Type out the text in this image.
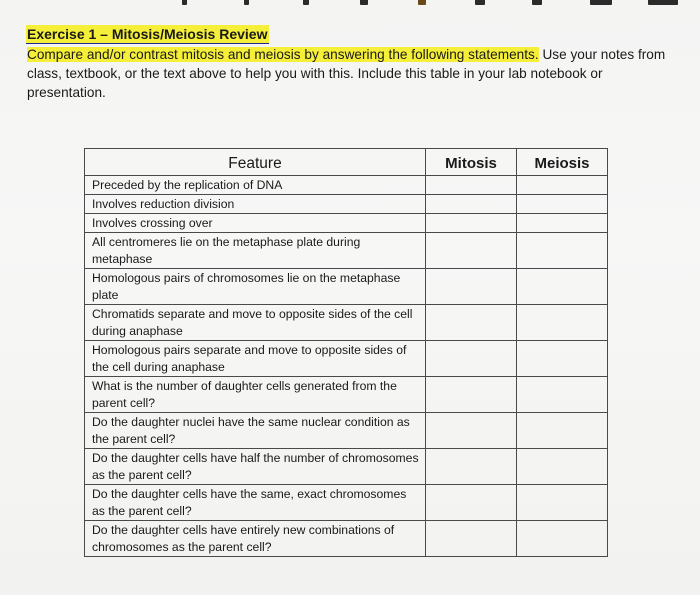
Exercise 1 – Mitosis/Meiosis Review
Compare and/or contrast mitosis and meiosis by answering the following statements. Use your notes from class, textbook, or the text above to help you with this. Include this table in your lab notebook or presentation.
Feature	Mitosis	Meiosis
Preceded by the replication of DNA		
Involves reduction division		
Involves crossing over		
All centromeres lie on the metaphase plate during metaphase		
Homologous pairs of chromosomes lie on the metaphase plate		
Chromatids separate and move to opposite sides of the cell during anaphase		
Homologous pairs separate and move to opposite sides of the cell during anaphase		
What is the number of daughter cells generated from the parent cell?		
Do the daughter nuclei have the same nuclear condition as the parent cell?		
Do the daughter cells have half the number of chromosomes as the parent cell?		
Do the daughter cells have the same, exact chromosomes as the parent cell?		
Do the daughter cells have entirely new combinations of chromosomes as the parent cell?		
